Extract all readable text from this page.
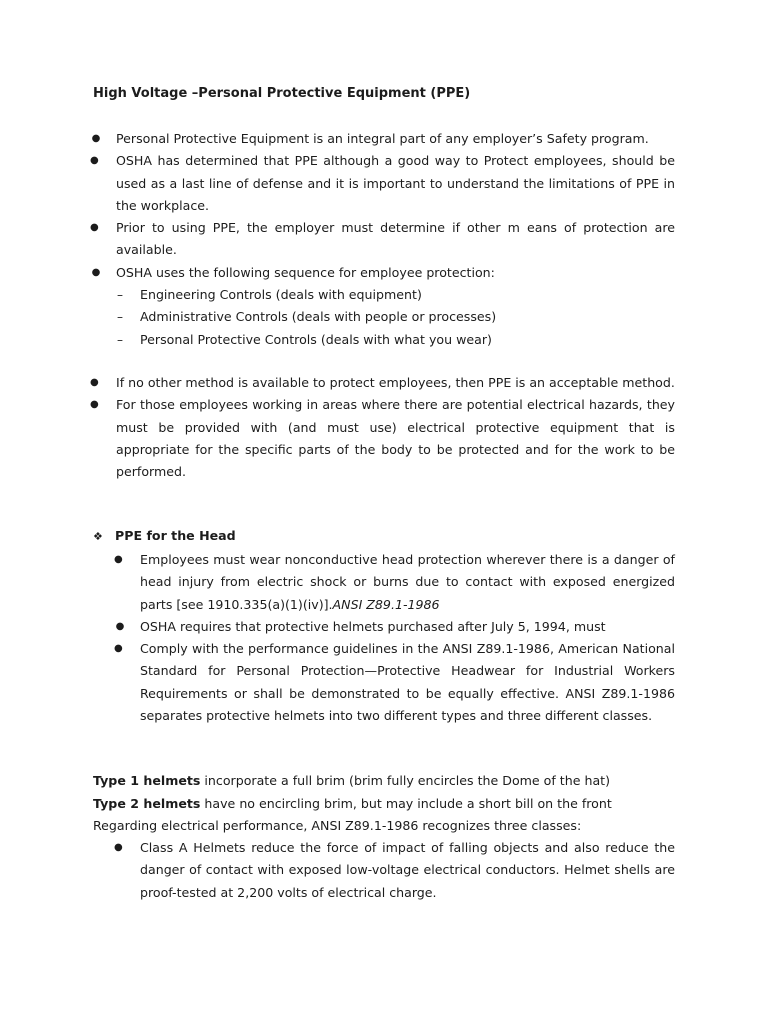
High Voltage –Personal Protective Equipment (PPE)
● Personal Protective Equipment is an integral part of any employer’s Safety program.
● OSHA has determined that PPE although a good way to Protect employees, should be used as a last line of defense and it is important to understand the limitations of PPE in the workplace.
● Prior to using PPE, the employer must determine if other m eans of protection are available.
● OSHA uses the following sequence for employee protection:
– Engineering Controls (deals with equipment)
– Administrative Controls (deals with people or processes)
– Personal Protective Controls (deals with what you wear)
● If no other method is available to protect employees, then PPE is an acceptable method.
● For those employees working in areas where there are potential electrical hazards, they must be provided with (and must use) electrical protective equipment that is appropriate for the specific parts of the body to be protected and for the work to be performed.
❖ PPE for the Head
● Employees must wear nonconductive head protection wherever there is a danger of head injury from electric shock or burns due to contact with exposed energized parts [see 1910.335(a)(1)(iv)].ANSI Z89.1-1986
● OSHA requires that protective helmets purchased after July 5, 1994, must
● Comply with the performance guidelines in the ANSI Z89.1-1986, American National Standard for Personal Protection—Protective Headwear for Industrial Workers Requirements or shall be demonstrated to be equally effective. ANSI Z89.1-1986 separates protective helmets into two different types and three different classes.

Type 1 helmets incorporate a full brim (brim fully encircles the Dome of the hat)

Type 2 helmets have no encircling brim, but may include a short bill on the front

Regarding electrical performance, ANSI Z89.1-1986 recognizes three classes:

● Class A Helmets reduce the force of impact of falling objects and also reduce the danger of contact with exposed low-voltage electrical conductors. Helmet shells are proof-tested at 2,200 volts of electrical charge.
